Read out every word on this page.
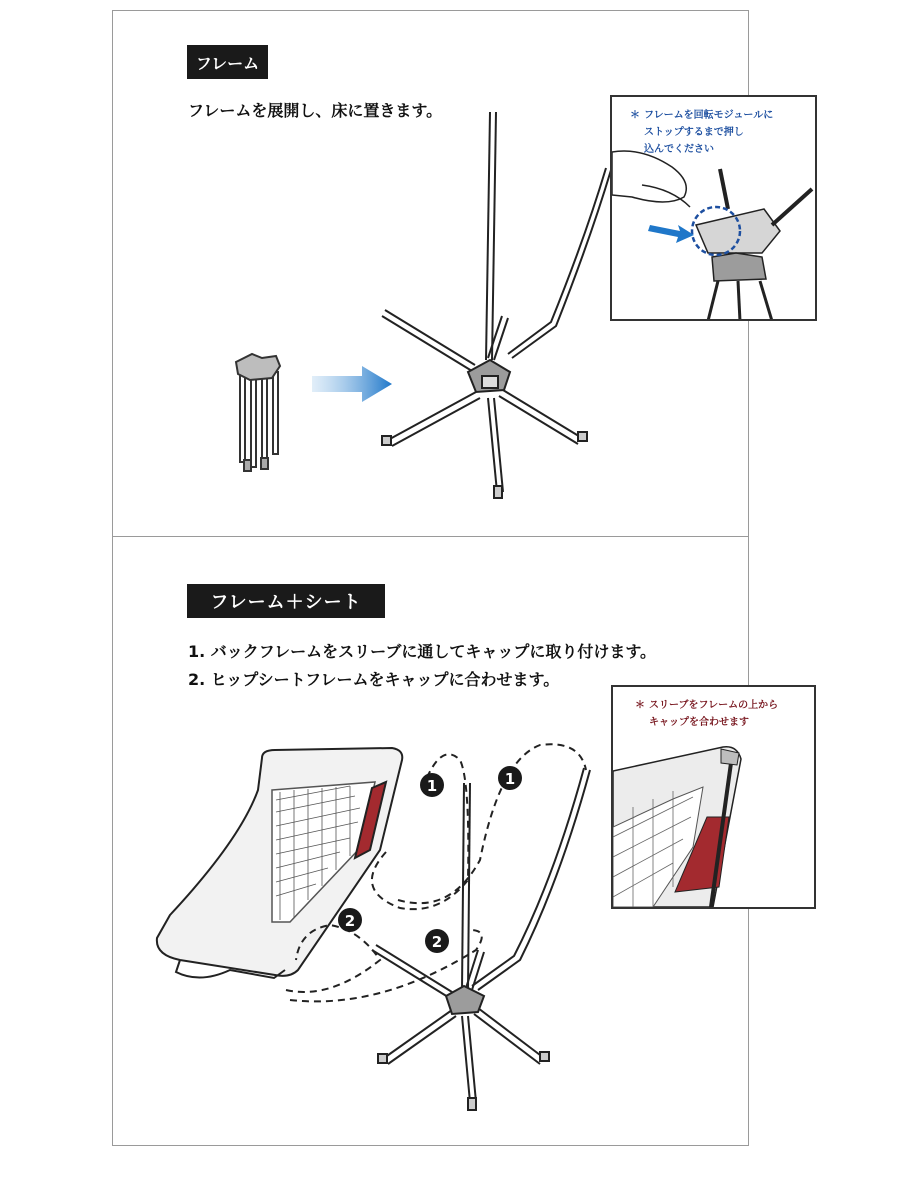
フレーム
フレームを展開し、床に置きます。
1	1
2
2
＊ フレームを回転モジュールに
ストップするまで押し
込んでください
＊ スリーブをフレームの上から
キャップを合わせます
フレーム＋シート
1. バックフレームをスリーブに通してキャップに取り付けます。
2. ヒップシートフレームをキャップに合わせます。
